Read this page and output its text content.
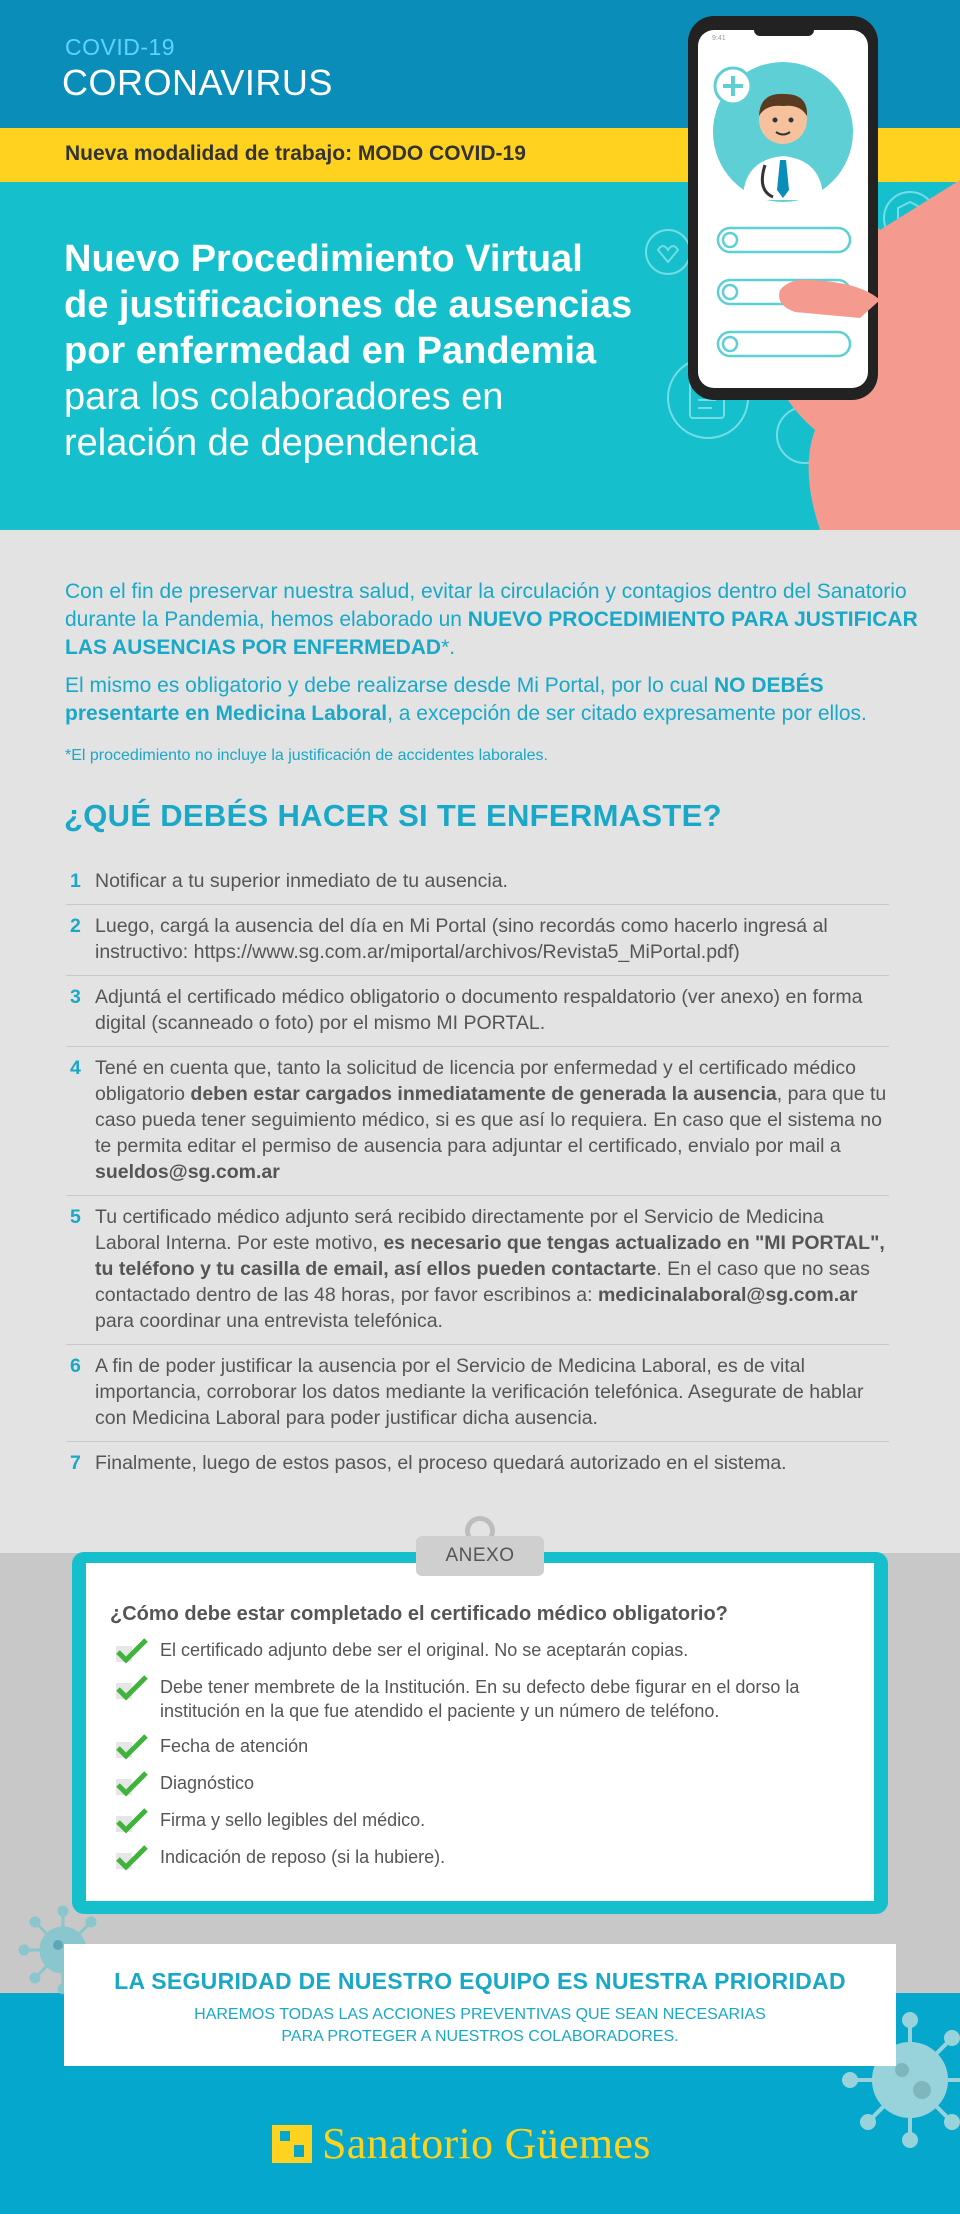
9:41
COVID-19
CORONAVIRUS
Nueva modalidad de trabajo: MODO COVID-19
Nuevo Procedimiento Virtual
de justificaciones de ausencias
por enfermedad en Pandemia
para los colaboradores en
relación de dependencia

Con el fin de preservar nuestra salud, evitar la circulación y contagios dentro del Sanatorio durante la Pandemia, hemos elaborado un NUEVO PROCEDIMIENTO PARA JUSTIFICAR LAS AUSENCIAS POR ENFERMEDAD*.

El mismo es obligatorio y debe realizarse desde Mi Portal, por lo cual NO DEBÉS presentarte en Medicina Laboral, a excepción de ser citado expresamente por ellos.

*El procedimiento no incluye la justificación de accidentes laborales.

¿QUÉ DEBÉS HACER SI TE ENFERMASTE?
1 Notificar a tu superior inmediato de tu ausencia.
2 Luego, cargá la ausencia del día en Mi Portal (sino recordás como hacerlo ingresá al instructivo: https://www.sg.com.ar/miportal/archivos/Revista5_MiPortal.pdf)
3 Adjuntá el certificado médico obligatorio o documento respaldatorio (ver anexo) en forma digital (scanneado o foto) por el mismo MI PORTAL.
4 Tené en cuenta que, tanto la solicitud de licencia por enfermedad y el certificado médico obligatorio deben estar cargados inmediatamente de generada la ausencia, para que tu caso pueda tener seguimiento médico, si es que así lo requiera. En caso que el sistema no te permita editar el permiso de ausencia para adjuntar el certificado, envialo por mail a sueldos@sg.com.ar
5 Tu certificado médico adjunto será recibido directamente por el Servicio de Medicina Laboral Interna. Por este motivo, es necesario que tengas actualizado en "MI PORTAL", tu teléfono y tu casilla de email, así ellos pueden contactarte. En el caso que no seas contactado dentro de las 48 horas, por favor escribinos a: medicinalaboral@sg.com.ar para coordinar una entrevista telefónica.
6 A fin de poder justificar la ausencia por el Servicio de Medicina Laboral, es de vital importancia, corroborar los datos mediante la verificación telefónica. Asegurate de hablar con Medicina Laboral para poder justificar dicha ausencia.
7 Finalmente, luego de estos pasos, el proceso quedará autorizado en el sistema.
ANEXO
¿Cómo debe estar completado el certificado médico obligatorio?
El certificado adjunto debe ser el original. No se aceptarán copias.
Debe tener membrete de la Institución. En su defecto debe figurar en el dorso la institución en la que fue atendido el paciente y un número de teléfono.
Fecha de atención
Diagnóstico
Firma y sello legibles del médico.
Indicación de reposo (si la hubiere).
LA SEGURIDAD DE NUESTRO EQUIPO ES NUESTRA PRIORIDAD
HAREMOS TODAS LAS ACCIONES PREVENTIVAS QUE SEAN NECESARIAS
PARA PROTEGER A NUESTROS COLABORADORES.
Sanatorio Güemes
